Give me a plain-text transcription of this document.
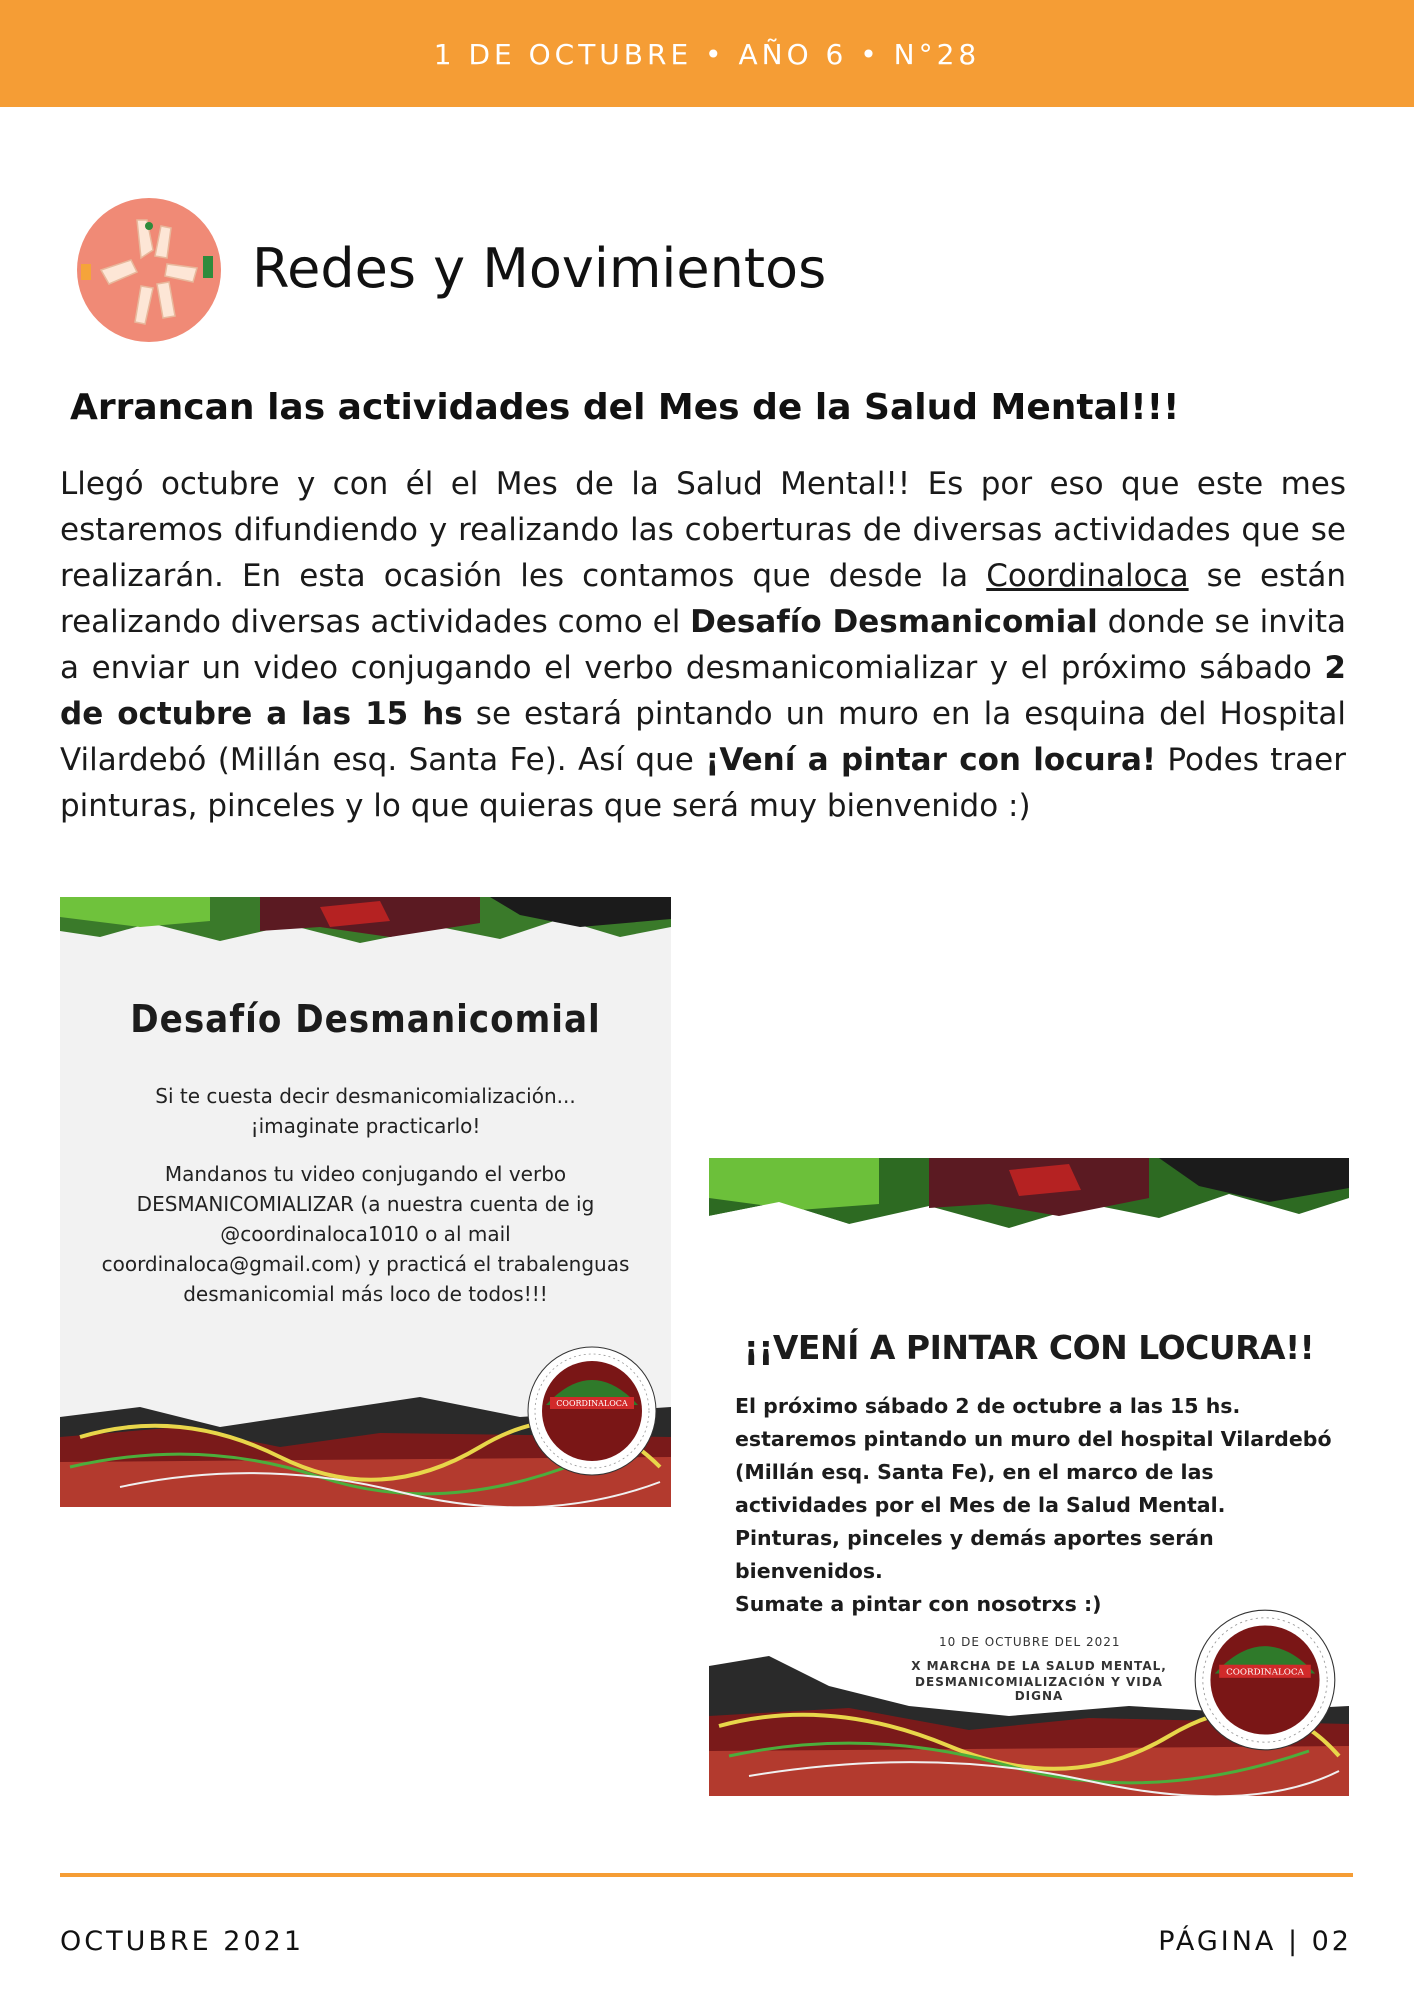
1 DE OCTUBRE • AÑO 6 • N°28
Redes y Movimientos
Arrancan las actividades del Mes de la Salud Mental!!!
Llegó octubre y con él el Mes de la Salud Mental!! Es por eso que este mes estaremos difundiendo y realizando las coberturas de diversas actividades que se realizarán. En esta ocasión les contamos que desde la Coordinaloca se están realizando diversas actividades como el Desafío Desmanicomial donde se invita a enviar un video conjugando el verbo desmanicomializar y el próximo sábado 2 de octubre a las 15 hs se estará pintando un muro en la esquina del Hospital Vilardebó (Millán esq. Santa Fe). Así que ¡Vení a pintar con locura! Podes traer pinturas, pinceles y lo que quieras que será muy bienvenido :)
Desafío Desmanicomial
Si te cuesta decir desmanicomialización...
¡imaginate practicarlo!
Mandanos tu video conjugando el verbo DESMANICOMIALIZAR (a nuestra cuenta de ig @coordinaloca1010 o al mail coordinaloca@gmail.com) y practicá el trabalenguas desmanicomial más loco de todos!!!
COORDINALOCA
¡¡VENÍ A PINTAR CON LOCURA!!
El próximo sábado 2 de octubre a las 15 hs. estaremos pintando un muro del hospital Vilardebó (Millán esq. Santa Fe), en el marco de las actividades por el Mes de la Salud Mental.
Pinturas, pinceles y demás aportes serán bienvenidos.
Sumate a pintar con nosotrxs :)
10 DE OCTUBRE DEL 2021
X MARCHA DE LA SALUD MENTAL,
DESMANICOMIALIZACIÓN Y VIDA DIGNA
COORDINALOCA
OCTUBRE 2021	PÁGINA | 02
